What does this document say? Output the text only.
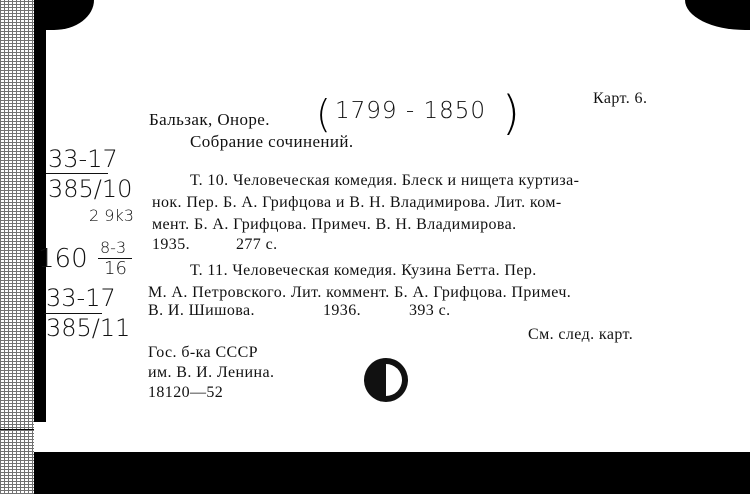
Карт. 6.
Бальзак, Оноре. ( 1799 - 1850 )
Собрание сочинений.
33-17
385/10
2 9k3
160 8-3
16
33-17
385/11
Т. 10. Человеческая комедия. Блеск и нищета куртиза-
нок. Пер. Б. А. Грифцова и В. Н. Владимирова. Лит. ком-
мент. Б. А. Грифцова. Примеч. В. Н. Владимирова.
1935.	277 с.
Т. 11. Человеческая комедия. Кузина Бетта. Пер.
М. А. Петровского. Лит. коммент. Б. А. Грифцова. Примеч.
В. И. Шишова.	1936.	393 с.
См. след. карт.
Гос. б-ка СССР
им. В. И. Ленина.
18120—52
